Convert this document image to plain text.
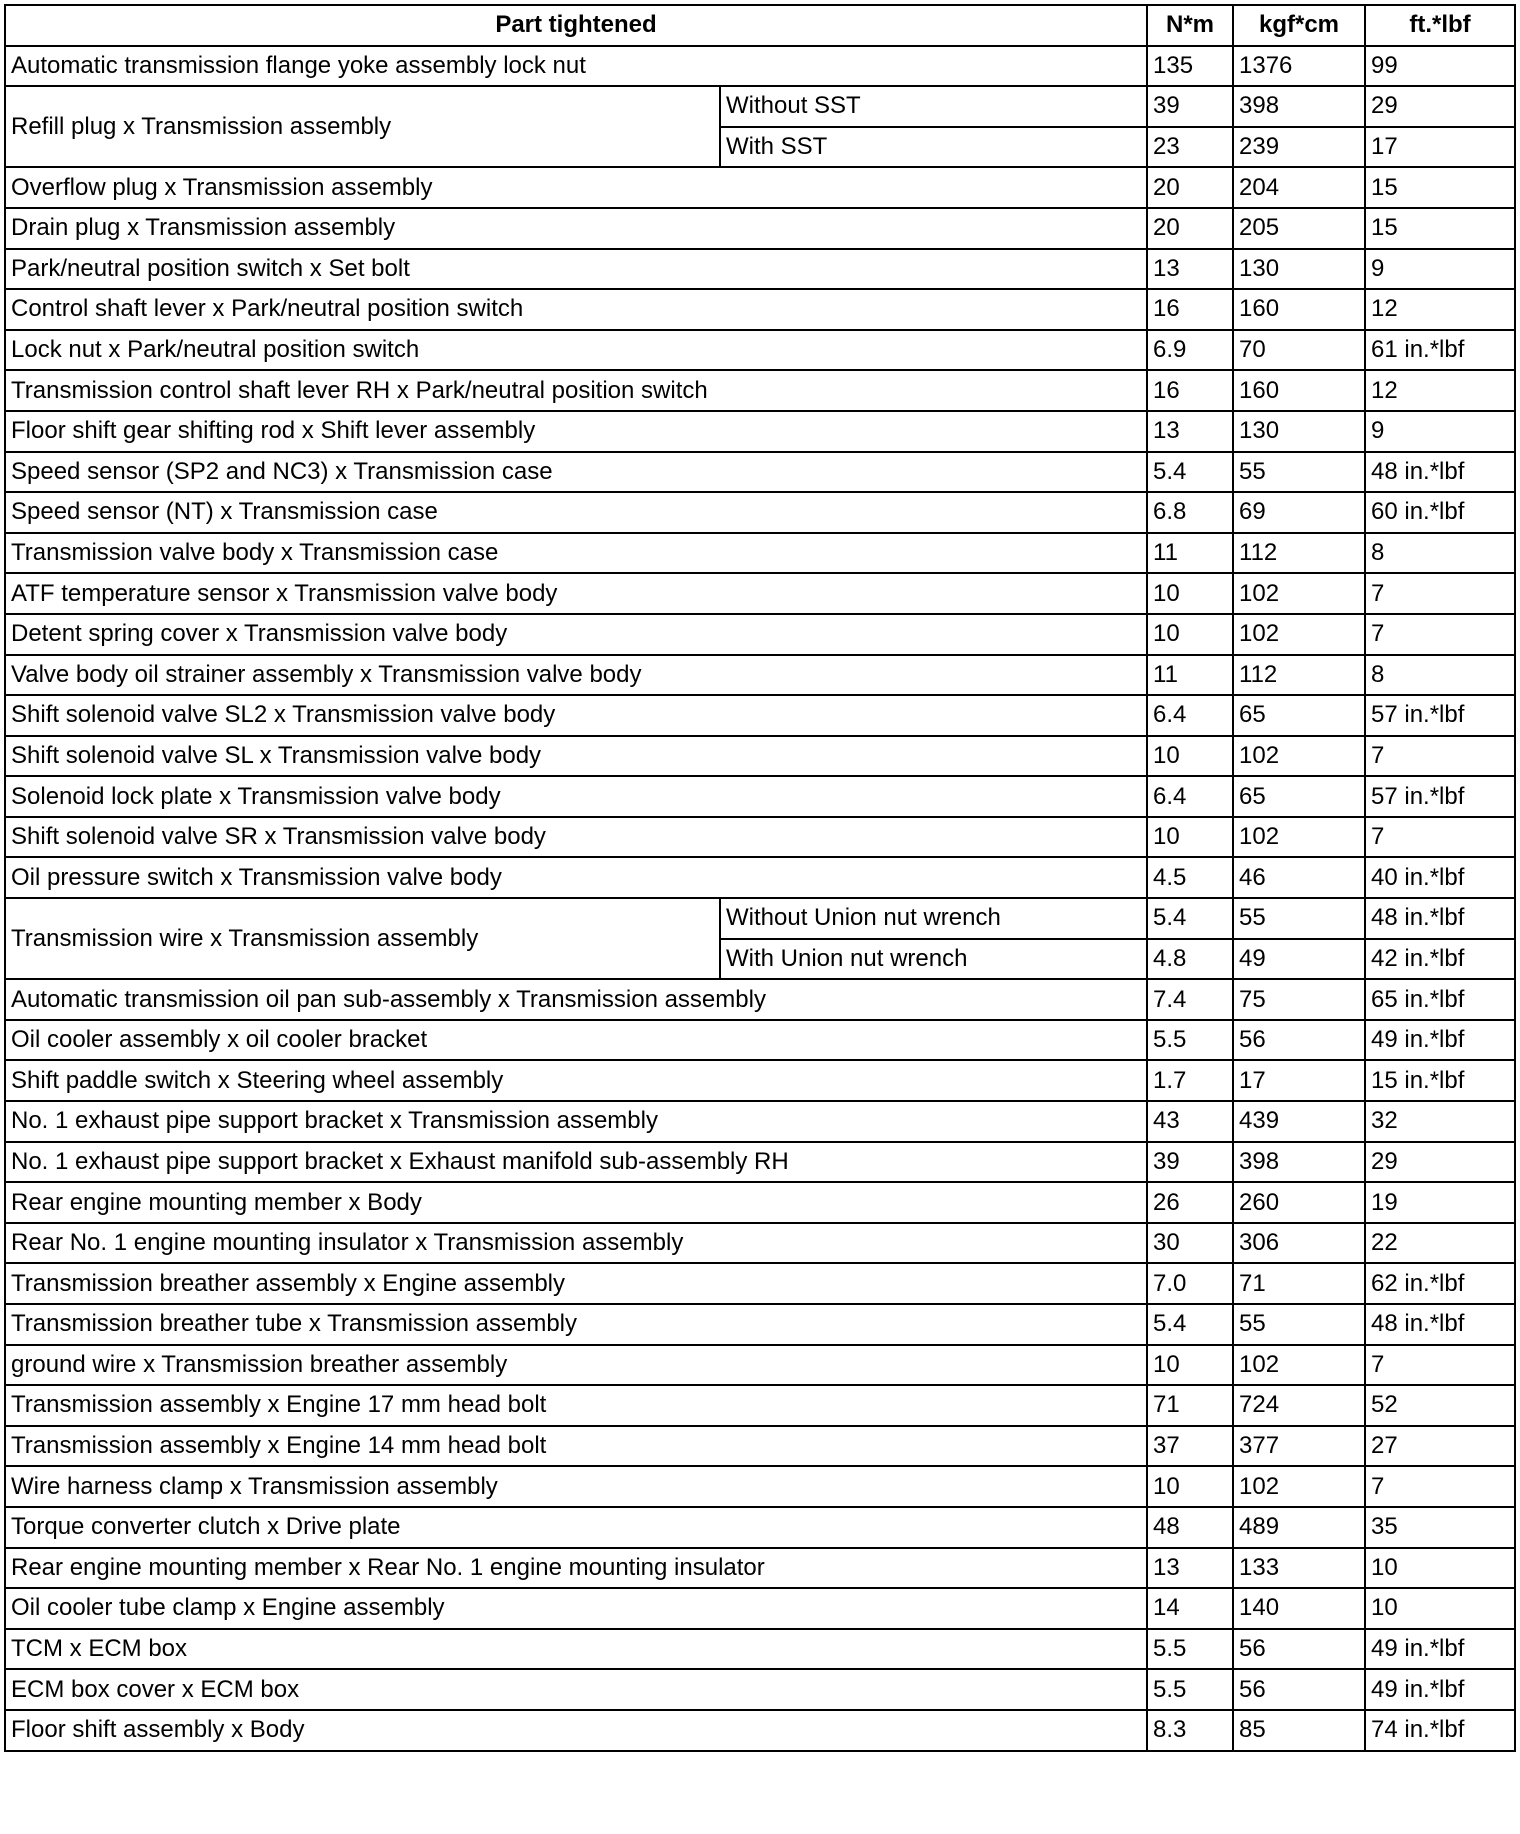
Part tightened		N*m	kgf*cm	ft.*lbf
Automatic transmission flange yoke assembly lock nut		135	1376	99
Refill plug x Transmission assembly	Without SST	39	398	29
	With SST	23	239	17
Overflow plug x Transmission assembly		20	204	15
Drain plug x Transmission assembly		20	205	15
Park/neutral position switch x Set bolt		13	130	9
Control shaft lever x Park/neutral position switch		16	160	12
Lock nut x Park/neutral position switch		6.9	70	61 in.*lbf
Transmission control shaft lever RH x Park/neutral position switch		16	160	12
Floor shift gear shifting rod x Shift lever assembly		13	130	9
Speed sensor (SP2 and NC3) x Transmission case		5.4	55	48 in.*lbf
Speed sensor (NT) x Transmission case		6.8	69	60 in.*lbf
Transmission valve body x Transmission case		11	112	8
ATF temperature sensor x Transmission valve body		10	102	7
Detent spring cover x Transmission valve body		10	102	7
Valve body oil strainer assembly x Transmission valve body		11	112	8
Shift solenoid valve SL2 x Transmission valve body		6.4	65	57 in.*lbf
Shift solenoid valve SL x Transmission valve body		10	102	7
Solenoid lock plate x Transmission valve body		6.4	65	57 in.*lbf
Shift solenoid valve SR x Transmission valve body		10	102	7
Oil pressure switch x Transmission valve body		4.5	46	40 in.*lbf
Transmission wire x Transmission assembly	Without Union nut wrench	5.4	55	48 in.*lbf
	With Union nut wrench	4.8	49	42 in.*lbf
Automatic transmission oil pan sub-assembly x Transmission assembly		7.4	75	65 in.*lbf
Oil cooler assembly x oil cooler bracket		5.5	56	49 in.*lbf
Shift paddle switch x Steering wheel assembly		1.7	17	15 in.*lbf
No. 1 exhaust pipe support bracket x Transmission assembly		43	439	32
No. 1 exhaust pipe support bracket x Exhaust manifold sub-assembly RH		39	398	29
Rear engine mounting member x Body		26	260	19
Rear No. 1 engine mounting insulator x Transmission assembly		30	306	22
Transmission breather assembly x Engine assembly		7.0	71	62 in.*lbf
Transmission breather tube x Transmission assembly		5.4	55	48 in.*lbf
ground wire x Transmission breather assembly		10	102	7
Transmission assembly x Engine 17 mm head bolt		71	724	52
Transmission assembly x Engine 14 mm head bolt		37	377	27
Wire harness clamp x Transmission assembly		10	102	7
Torque converter clutch x Drive plate		48	489	35
Rear engine mounting member x Rear No. 1 engine mounting insulator		13	133	10
Oil cooler tube clamp x Engine assembly		14	140	10
TCM x ECM box		5.5	56	49 in.*lbf
ECM box cover x ECM box		5.5	56	49 in.*lbf
Floor shift assembly x Body		8.3	85	74 in.*lbf
